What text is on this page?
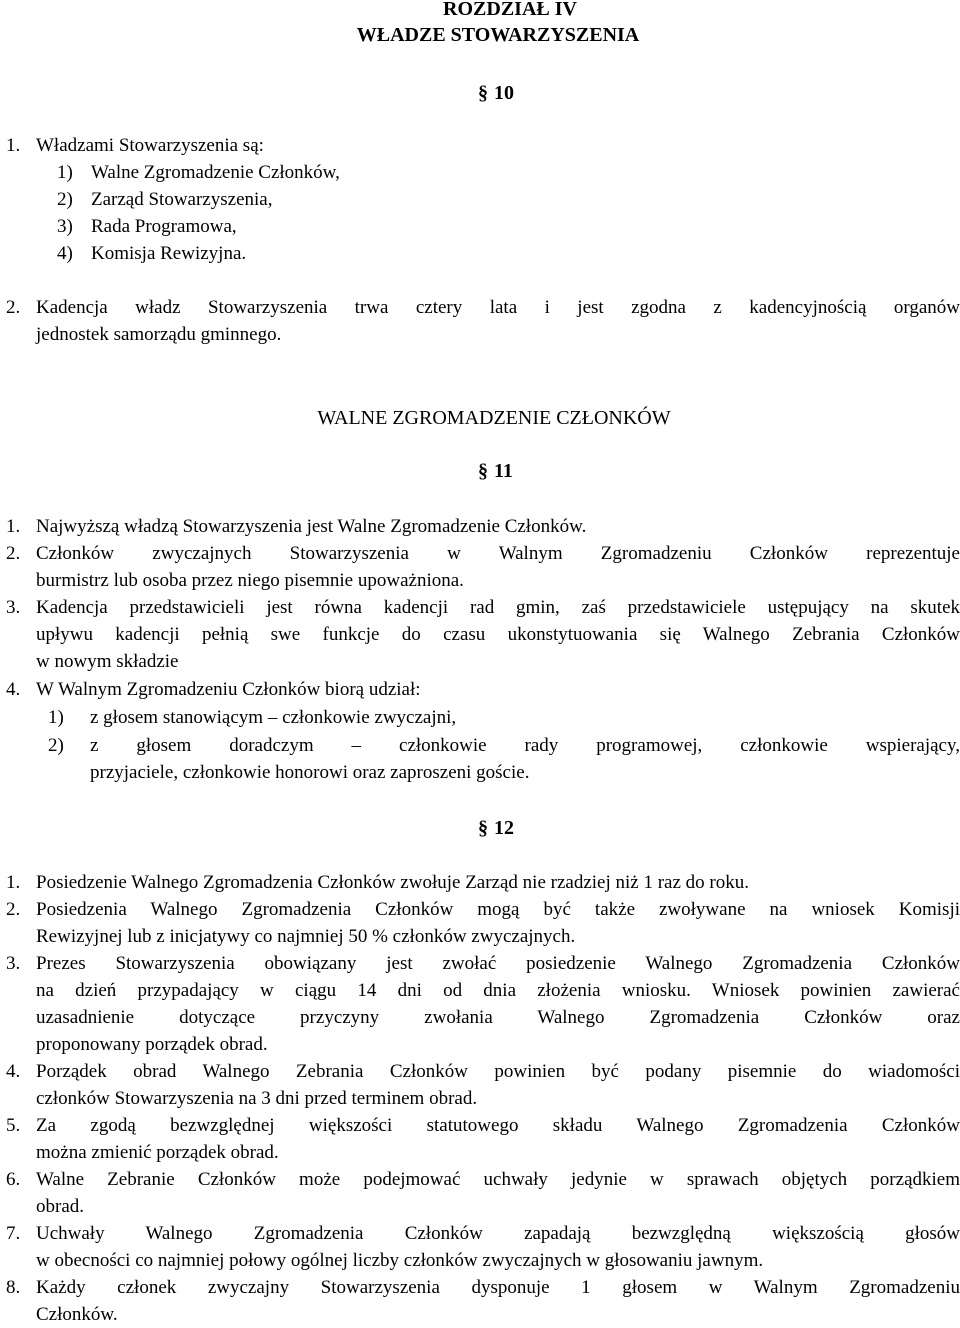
ROZDZIAŁ IV
WŁADZE STOWARZYSZENIA
§ 10
1. Władzami Stowarzyszenia są:
1) Walne Zgromadzenie Członków,
2) Zarząd Stowarzyszenia,
3) Rada Programowa,
4) Komisja Rewizyjna.
2. Kadencja władz Stowarzyszenia trwa cztery lata i jest zgodna z kadencyjnością organów
jednostek samorządu gminnego.
WALNE ZGROMADZENIE CZŁONKÓW
§ 11
1. Najwyższą władzą Stowarzyszenia jest Walne Zgromadzenie Członków.
2. Członków zwyczajnych Stowarzyszenia w Walnym Zgromadzeniu Członków reprezentuje
burmistrz lub osoba przez niego pisemnie upoważniona.
3. Kadencja przedstawicieli jest równa kadencji rad gmin, zaś przedstawiciele ustępujący na skutek
upływu kadencji pełnią swe funkcje do czasu ukonstytuowania się Walnego Zebrania Członków
w nowym składzie
4. W Walnym Zgromadzeniu Członków biorą udział:
1) z głosem stanowiącym – członkowie zwyczajni,
2) z głosem doradczym – członkowie rady programowej, członkowie wspierający,
przyjaciele, członkowie honorowi oraz zaproszeni goście.
§ 12
1. Posiedzenie Walnego Zgromadzenia Członków zwołuje Zarząd nie rzadziej niż 1 raz do roku.
2. Posiedzenia Walnego Zgromadzenia Członków mogą być także zwoływane na wniosek Komisji
Rewizyjnej lub z inicjatywy co najmniej 50 % członków zwyczajnych.
3. Prezes Stowarzyszenia obowiązany jest zwołać posiedzenie Walnego Zgromadzenia Członków
na dzień przypadający w ciągu 14 dni od dnia złożenia wniosku. Wniosek powinien zawierać
uzasadnienie dotyczące przyczyny zwołania Walnego Zgromadzenia Członków oraz
proponowany porządek obrad.
4. Porządek obrad Walnego Zebrania Członków powinien być podany pisemnie do wiadomości
członków Stowarzyszenia na 3 dni przed terminem obrad.
5. Za zgodą bezwzględnej większości statutowego składu Walnego Zgromadzenia Członków
można zmienić porządek obrad.
6. Walne Zebranie Członków może podejmować uchwały jedynie w sprawach objętych porządkiem
obrad.
7. Uchwały Walnego Zgromadzenia Członków zapadają bezwzględną większością głosów
w obecności co najmniej połowy ogólnej liczby członków zwyczajnych w głosowaniu jawnym.
8. Każdy członek zwyczajny Stowarzyszenia dysponuje 1 głosem w Walnym Zgromadzeniu
Członków.
